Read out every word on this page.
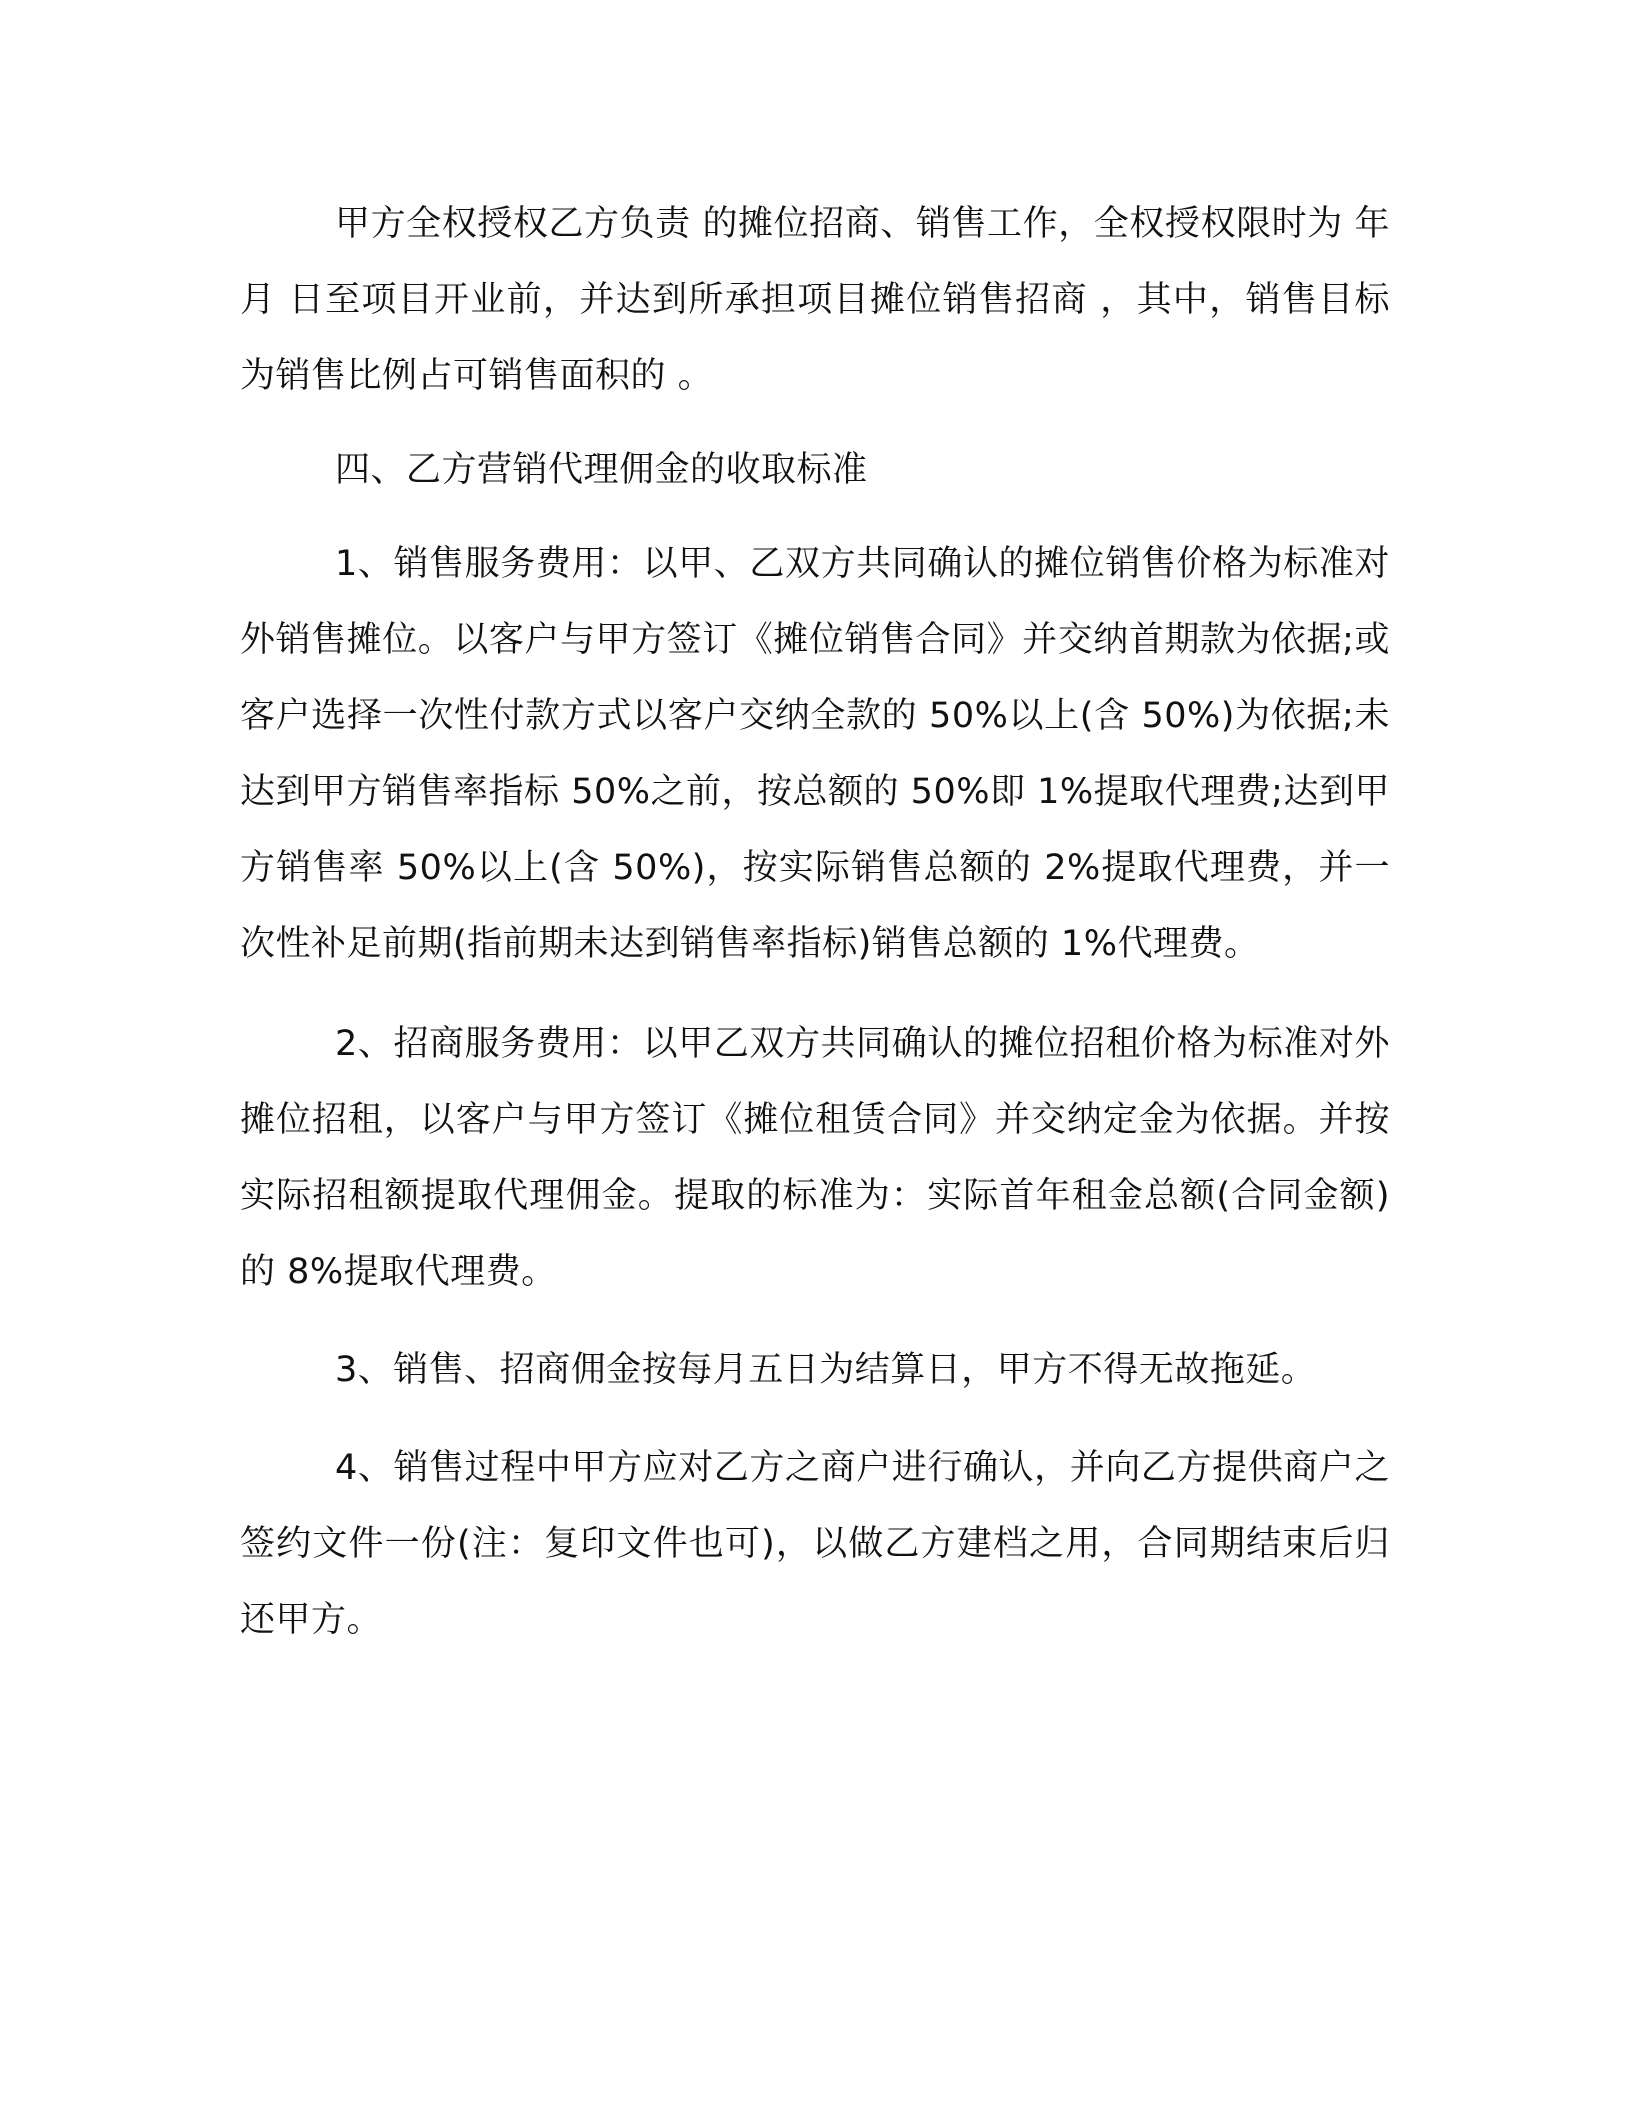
甲方全权授权乙方负责 的摊位招商、销售工作，全权授权限时为 年 月 日至项目开业前，并达到所承担项目摊位销售招商 ，其中，销售目标为销售比例占可销售面积的 。

四、乙方营销代理佣金的收取标准

1、销售服务费用：以甲、乙双方共同确认的摊位销售价格为标准对外销售摊位。以客户与甲方签订《摊位销售合同》并交纳首期款为依据;或客户选择一次性付款方式以客户交纳全款的 50%以上(含 50%)为依据;未达到甲方销售率指标 50%之前，按总额的 50%即 1%提取代理费;达到甲方销售率 50%以上(含 50%)，按实际销售总额的 2%提取代理费，并一次性补足前期(指前期未达到销售率指标)销售总额的 1%代理费。

2、招商服务费用：以甲乙双方共同确认的摊位招租价格为标准对外摊位招租，以客户与甲方签订《摊位租赁合同》并交纳定金为依据。并按实际招租额提取代理佣金。提取的标准为：实际首年租金总额(合同金额)的 8%提取代理费。

3、销售、招商佣金按每月五日为结算日，甲方不得无故拖延。

4、销售过程中甲方应对乙方之商户进行确认，并向乙方提供商户之签约文件一份(注：复印文件也可)，以做乙方建档之用，合同期结束后归还甲方。
